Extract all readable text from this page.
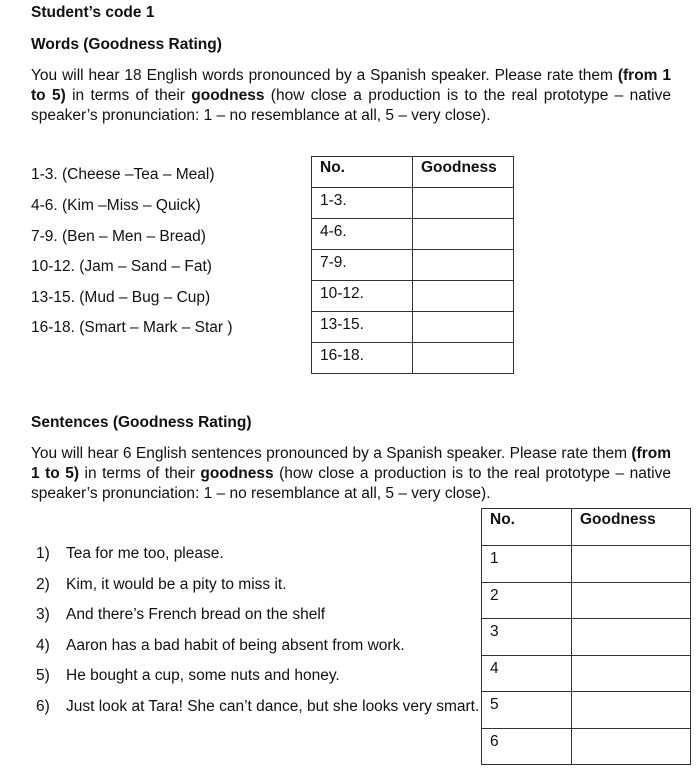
Student’s code 1
Words (Goodness Rating)
You will hear 18 English words pronounced by a Spanish speaker. Please rate them (from 1 to 5) in terms of their goodness (how close a production is to the real prototype – native speaker’s pronunciation: 1 – no resemblance at all, 5 – very close).
1-3. (Cheese –Tea – Meal)
4-6. (Kim –Miss – Quick)
7-9. (Ben – Men – Bread)
10-12. (Jam – Sand – Fat)
13-15. (Mud – Bug – Cup)
16-18. (Smart – Mark – Star )
No.	Goodness
1-3.	
4-6.	
7-9.	
10-12.	
13-15.	
16-18.	
Sentences (Goodness Rating)
You will hear 6 English sentences pronounced by a Spanish speaker. Please rate them (from 1 to 5) in terms of their goodness (how close a production is to the real prototype – native speaker’s pronunciation: 1 – no resemblance at all, 5 – very close).
1) Tea for me too, please.
2) Kim, it would be a pity to miss it.
3) And there’s French bread on the shelf
4) Aaron has a bad habit of being absent from work.
5) He bought a cup, some nuts and honey.
6) Just look at Tara! She can’t dance, but she looks very smart.
No.	Goodness
1	
2	
3	
4	
5	
6	
